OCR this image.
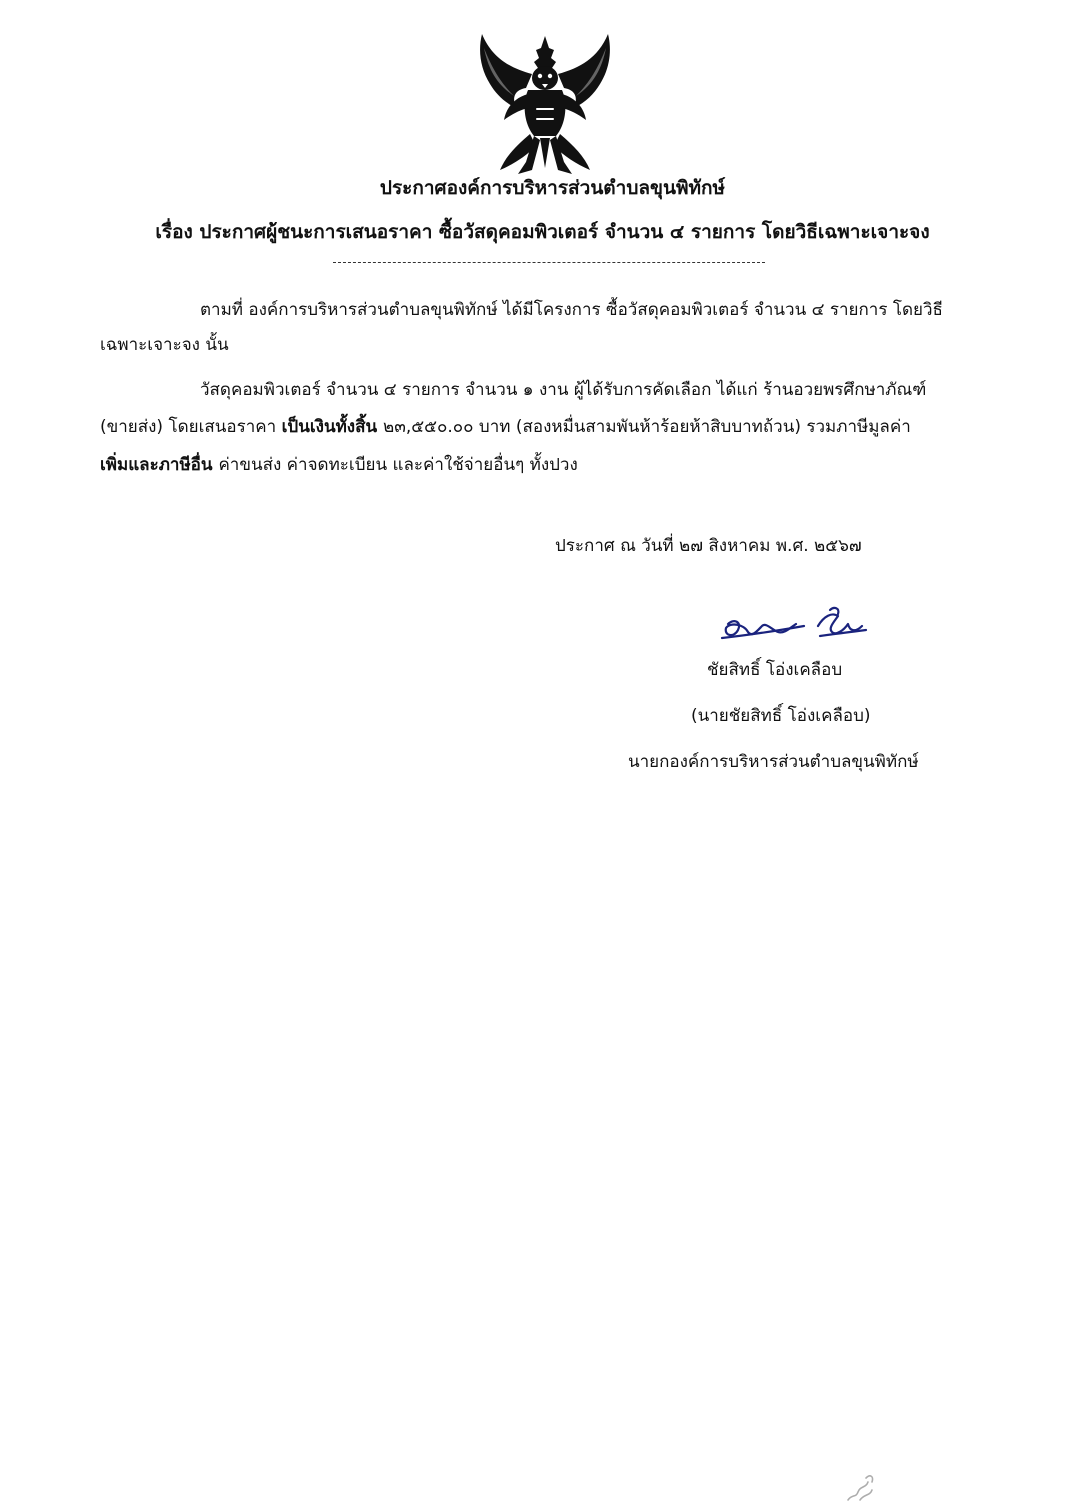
ประกาศองค์การบริหารส่วนตำบลขุนพิทักษ์
เรื่อง ประกาศผู้ชนะการเสนอราคา ซื้อวัสดุคอมพิวเตอร์ จำนวน ๔ รายการ โดยวิธีเฉพาะเจาะจง
ตามที่ องค์การบริหารส่วนตำบลขุนพิทักษ์ ได้มีโครงการ ซื้อวัสดุคอมพิวเตอร์ จำนวน ๔ รายการ โดยวิธี
เฉพาะเจาะจง นั้น
วัสดุคอมพิวเตอร์ จำนวน ๔ รายการ จำนวน ๑ งาน ผู้ได้รับการคัดเลือก ได้แก่ ร้านอวยพรศึกษาภัณฑ์
(ขายส่ง) โดยเสนอราคา เป็นเงินทั้งสิ้น ๒๓,๕๕๐.๐๐ บาท (สองหมื่นสามพันห้าร้อยห้าสิบบาทถ้วน) รวมภาษีมูลค่า
เพิ่มและภาษีอื่น ค่าขนส่ง ค่าจดทะเบียน และค่าใช้จ่ายอื่นๆ ทั้งปวง
ประกาศ ณ วันที่ ๒๗ สิงหาคม พ.ศ. ๒๕๖๗
ชัยสิทธิ์ โอ่งเคลือบ
(นายชัยสิทธิ์ โอ่งเคลือบ)
นายกองค์การบริหารส่วนตำบลขุนพิทักษ์
